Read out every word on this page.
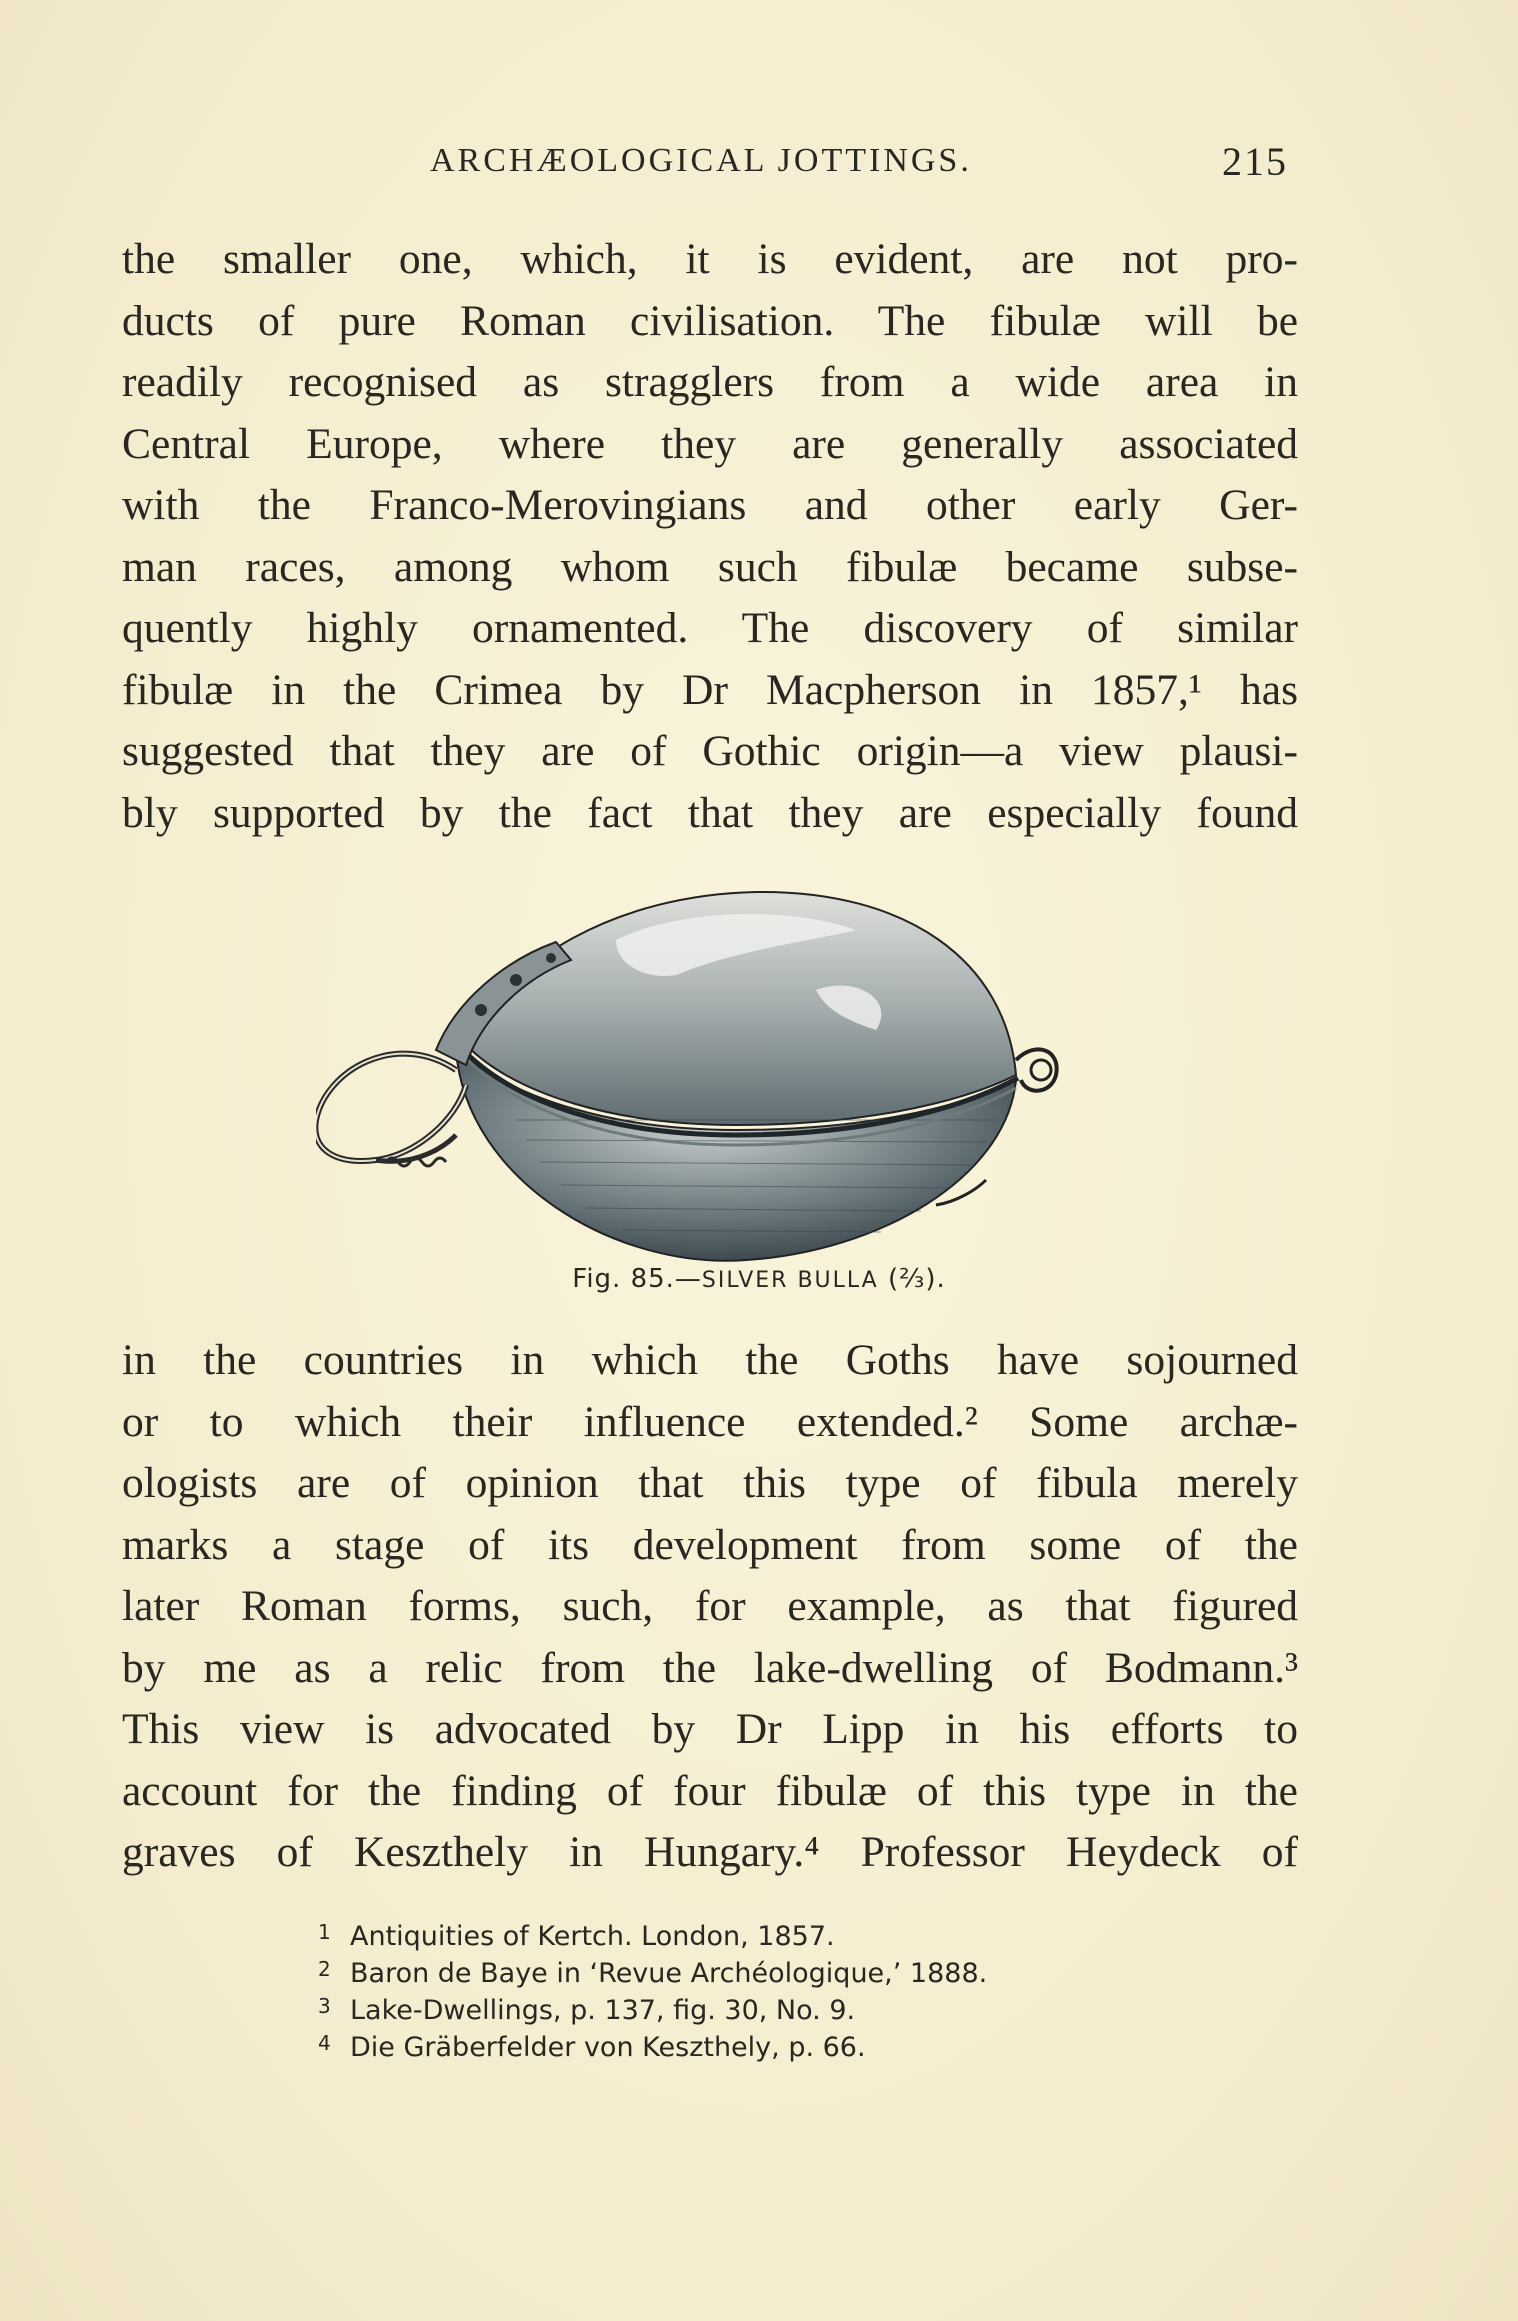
ARCHÆOLOGICAL JOTTINGS.	215
the smaller one, which, it is evident, are not pro-
ducts of pure Roman civilisation. The fibulæ will be
readily recognised as stragglers from a wide area in
Central Europe, where they are generally associated
with the Franco-Merovingians and other early Ger-
man races, among whom such fibulæ became subse-
quently highly ornamented. The discovery of similar
fibulæ in the Crimea by Dr Macpherson in 1857,¹ has
suggested that they are of Gothic origin—a view plausi-
bly supported by the fact that they are especially found
Fig. 85.—SILVER BULLA (⅔).
in the countries in which the Goths have sojourned
or to which their influence extended.² Some archæ-
ologists are of opinion that this type of fibula merely
marks a stage of its development from some of the
later Roman forms, such, for example, as that figured
by me as a relic from the lake-dwelling of Bodmann.³
This view is advocated by Dr Lipp in his efforts to
account for the finding of four fibulæ of this type in the
graves of Keszthely in Hungary.⁴ Professor Heydeck of
1 Antiquities of Kertch. London, 1857.
2 Baron de Baye in ‘Revue Archéologique,’ 1888.
3 Lake-Dwellings, p. 137, fig. 30, No. 9.
4 Die Gräberfelder von Keszthely, p. 66.
